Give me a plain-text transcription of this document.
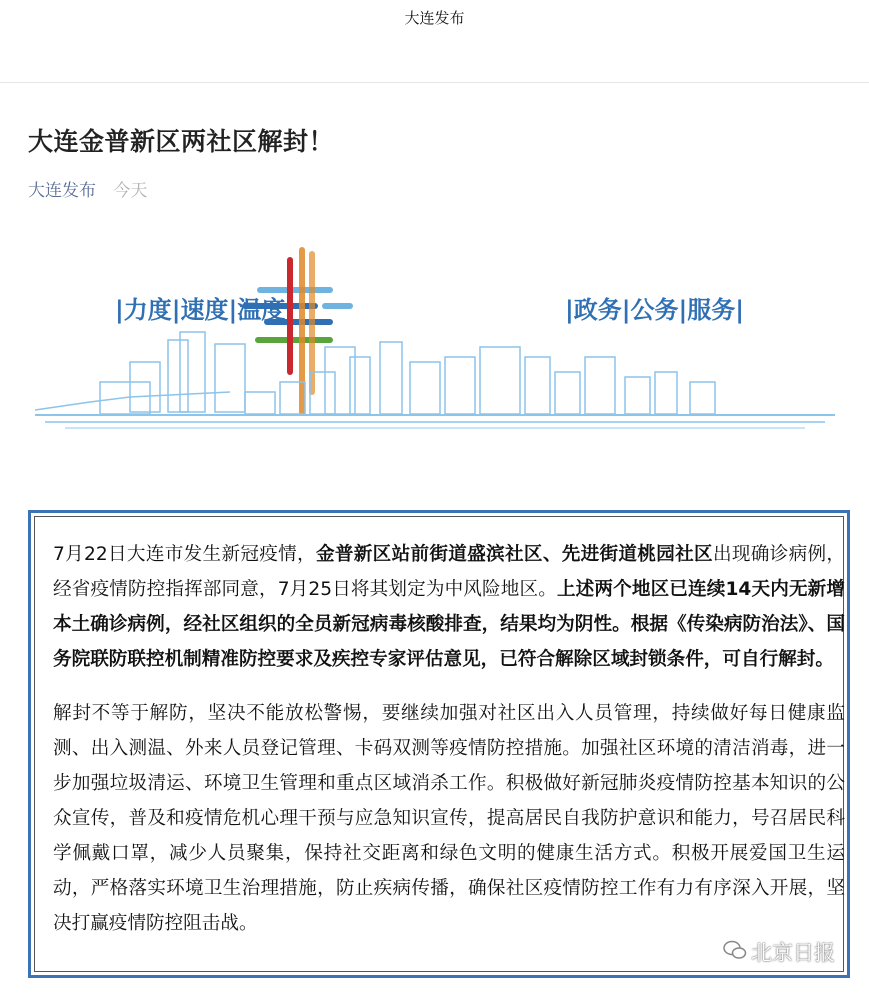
大连发布
大连金普新区两社区解封！
大连发布 今天
|力度|速度|温度|	|政务|公务|服务|

7月22日大连市发生新冠疫情，金普新区站前街道盛滨社区、先进街道桃园社区出现确诊病例，经省疫情防控指挥部同意，7月25日将其划定为中风险地区。上述两个地区已连续14天内无新增本土确诊病例，经社区组织的全员新冠病毒核酸排查，结果均为阴性。根据《传染病防治法》、国务院联防联控机制精准防控要求及疾控专家评估意见，已符合解除区域封锁条件，可自行解封。

解封不等于解防，坚决不能放松警惕，要继续加强对社区出入人员管理，持续做好每日健康监测、出入测温、外来人员登记管理、卡码双测等疫情防控措施。加强社区环境的清洁消毒，进一步加强垃圾清运、环境卫生管理和重点区域消杀工作。积极做好新冠肺炎疫情防控基本知识的公众宣传，普及和疫情危机心理干预与应急知识宣传，提高居民自我防护意识和能力，号召居民科学佩戴口罩，减少人员聚集，保持社交距离和绿色文明的健康生活方式。积极开展爱国卫生运动，严格落实环境卫生治理措施，防止疾病传播，确保社区疫情防控工作有力有序深入开展，坚决打赢疫情防控阻击战。

北京日报
